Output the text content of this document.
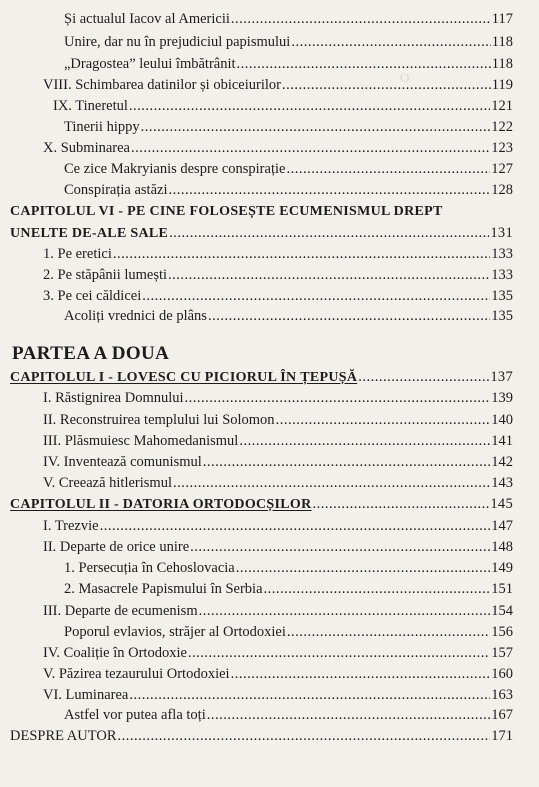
O
Și actualul Iacov al Americii .....	117
Unire, dar nu în prejudiciul papismului .....	118
„Dragostea” leului îmbătrânit .....	118
VIII. Schimbarea datinilor și obiceiurilor .....	119
IX. Tineretul .....	121
Tinerii hippy .....	122
X. Subminarea .....	123
Ce zice Makryianis despre conspirație .....	127
Conspirația astăzi .....	128
CAPITOLUL VI - PE CINE FOLOSEȘTE ECUMENISMUL DREPT
UNELTE DE-ALE SALE .....	131
1. Pe eretici .....	133
2. Pe stăpânii lumești .....	133
3. Pe cei căldicei .....	135
Acoliți vrednici de plâns .....	135
PARTEA A DOUA
CAPITOLUL I - LOVESC CU PICIORUL ÎN ȚEPUȘĂ .....	137
I. Răstignirea Domnului .....	139
II. Reconstruirea templului lui Solomon .....	140
III. Plăsmuiesc Mahomedanismul .....	141
IV. Inventează comunismul .....	142
V. Creează hitlerismul .....	143
CAPITOLUL II - DATORIA ORTODOCȘILOR .....	145
I. Trezvie .....	147
II. Departe de orice unire .....	148
1. Persecuția în Cehoslovacia .....	149
2. Masacrele Papismului în Serbia .....	151
III. Departe de ecumenism .....	154
Poporul evlavios, străjer al Ortodoxiei .....	156
IV. Coaliție în Ortodoxie .....	157
V. Păzirea tezaurului Ortodoxiei .....	160
VI. Luminarea .....	163
Astfel vor putea afla toți .....	167
DESPRE AUTOR .....	171
